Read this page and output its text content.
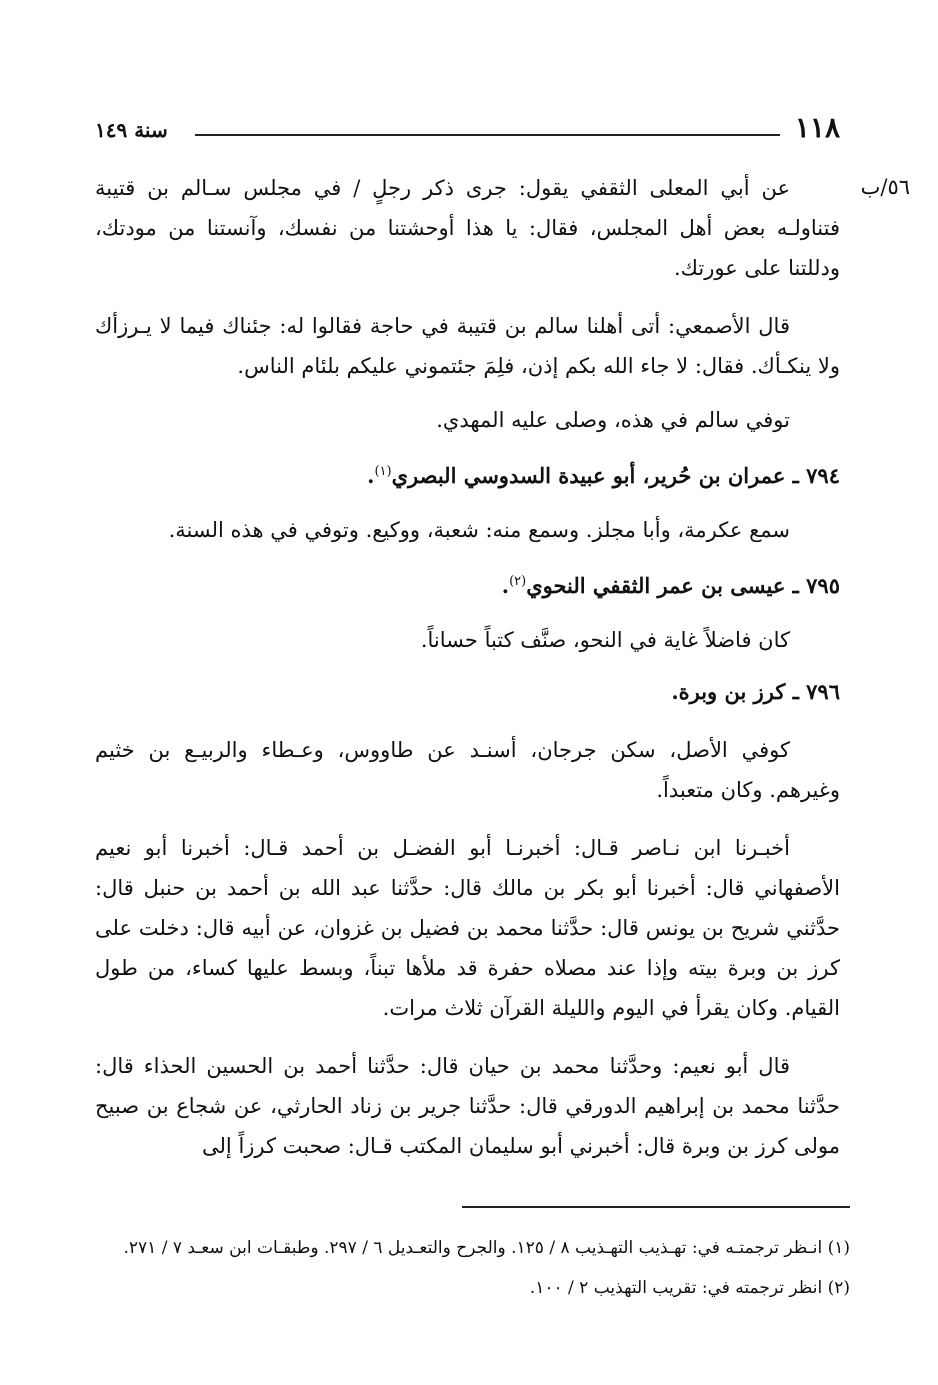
١١٨
سنة ١٤٩
٥٦/ب

عن أبي المعلى الثقفي يقول: جرى ذكر رجلٍ / في مجلس سـالم بن قتيبة فتناولـه بعض أهل المجلس، فقال: يا هذا أوحشتنا من نفسك، وآنستنا من مودتك، ودللتنا على عورتك.

قال الأصمعي: أتى أهلنا سالم بن قتيبة في حاجة فقالوا له: جئناك فيما لا يـرزأك ولا ينكـأك. فقال: لا جاء الله بكم إذن، فلِمَ جئتموني عليكم بلئام الناس.

توفي سالم في هذه، وصلى عليه المهدي.

٧٩٤ ـ عمران بن حُرير، أبو عبيدة السدوسي البصري$^{(١)}$.

سمع عكرمة، وأبا مجلز. وسمع منه: شعبة، ووكيع. وتوفي في هذه السنة.

٧٩٥ ـ عيسى بن عمر الثقفي النحوي$^{(٢)}$.

كان فاضلاً غاية في النحو، صنَّف كتباً حساناً.

٧٩٦ ـ كرز بن وبرة.

كوفي الأصل، سكن جرجان، أسنـد عن طاووس، وعـطاء والربيـع بن خثيم وغيرهم. وكان متعبداً.

أخبـرنا ابن نـاصر قـال: أخبرنـا أبو الفضـل بن أحمد قـال: أخبرنا أبو نعيم الأصفهاني قال: أخبرنا أبو بكر بن مالك قال: حدَّثنا عبد الله بن أحمد بن حنبل قال: حدَّثني شريح بن يونس قال: حدَّثنا محمد بن فضيل بن غزوان، عن أبيه قال: دخلت على كرز بن وبرة بيته وإذا عند مصلاه حفرة قد ملأها تبناً، وبسط عليها كساء، من طول القيام. وكان يقرأ في اليوم والليلة القرآن ثلاث مرات.

قال أبو نعيم: وحدَّثنا محمد بن حيان قال: حدَّثنا أحمد بن الحسين الحذاء قال: حدَّثنا محمد بن إبراهيم الدورقي قال: حدَّثنا جرير بن زناد الحارثي، عن شجاع بن صبيح مولى كرز بن وبرة قال: أخبرني أبو سليمان المكتب قـال: صحبت كرزاً إلى

(١) انـظر ترجمتـه في: تهـذيب التهـذيب ٨ / ١٢٥. والجرح والتعـديل ٦ / ٢٩٧. وطبقـات ابن سعـد ٧ / ٢٧١.

(٢) انظر ترجمته في: تقريب التهذيب ٢ / ١٠٠.
